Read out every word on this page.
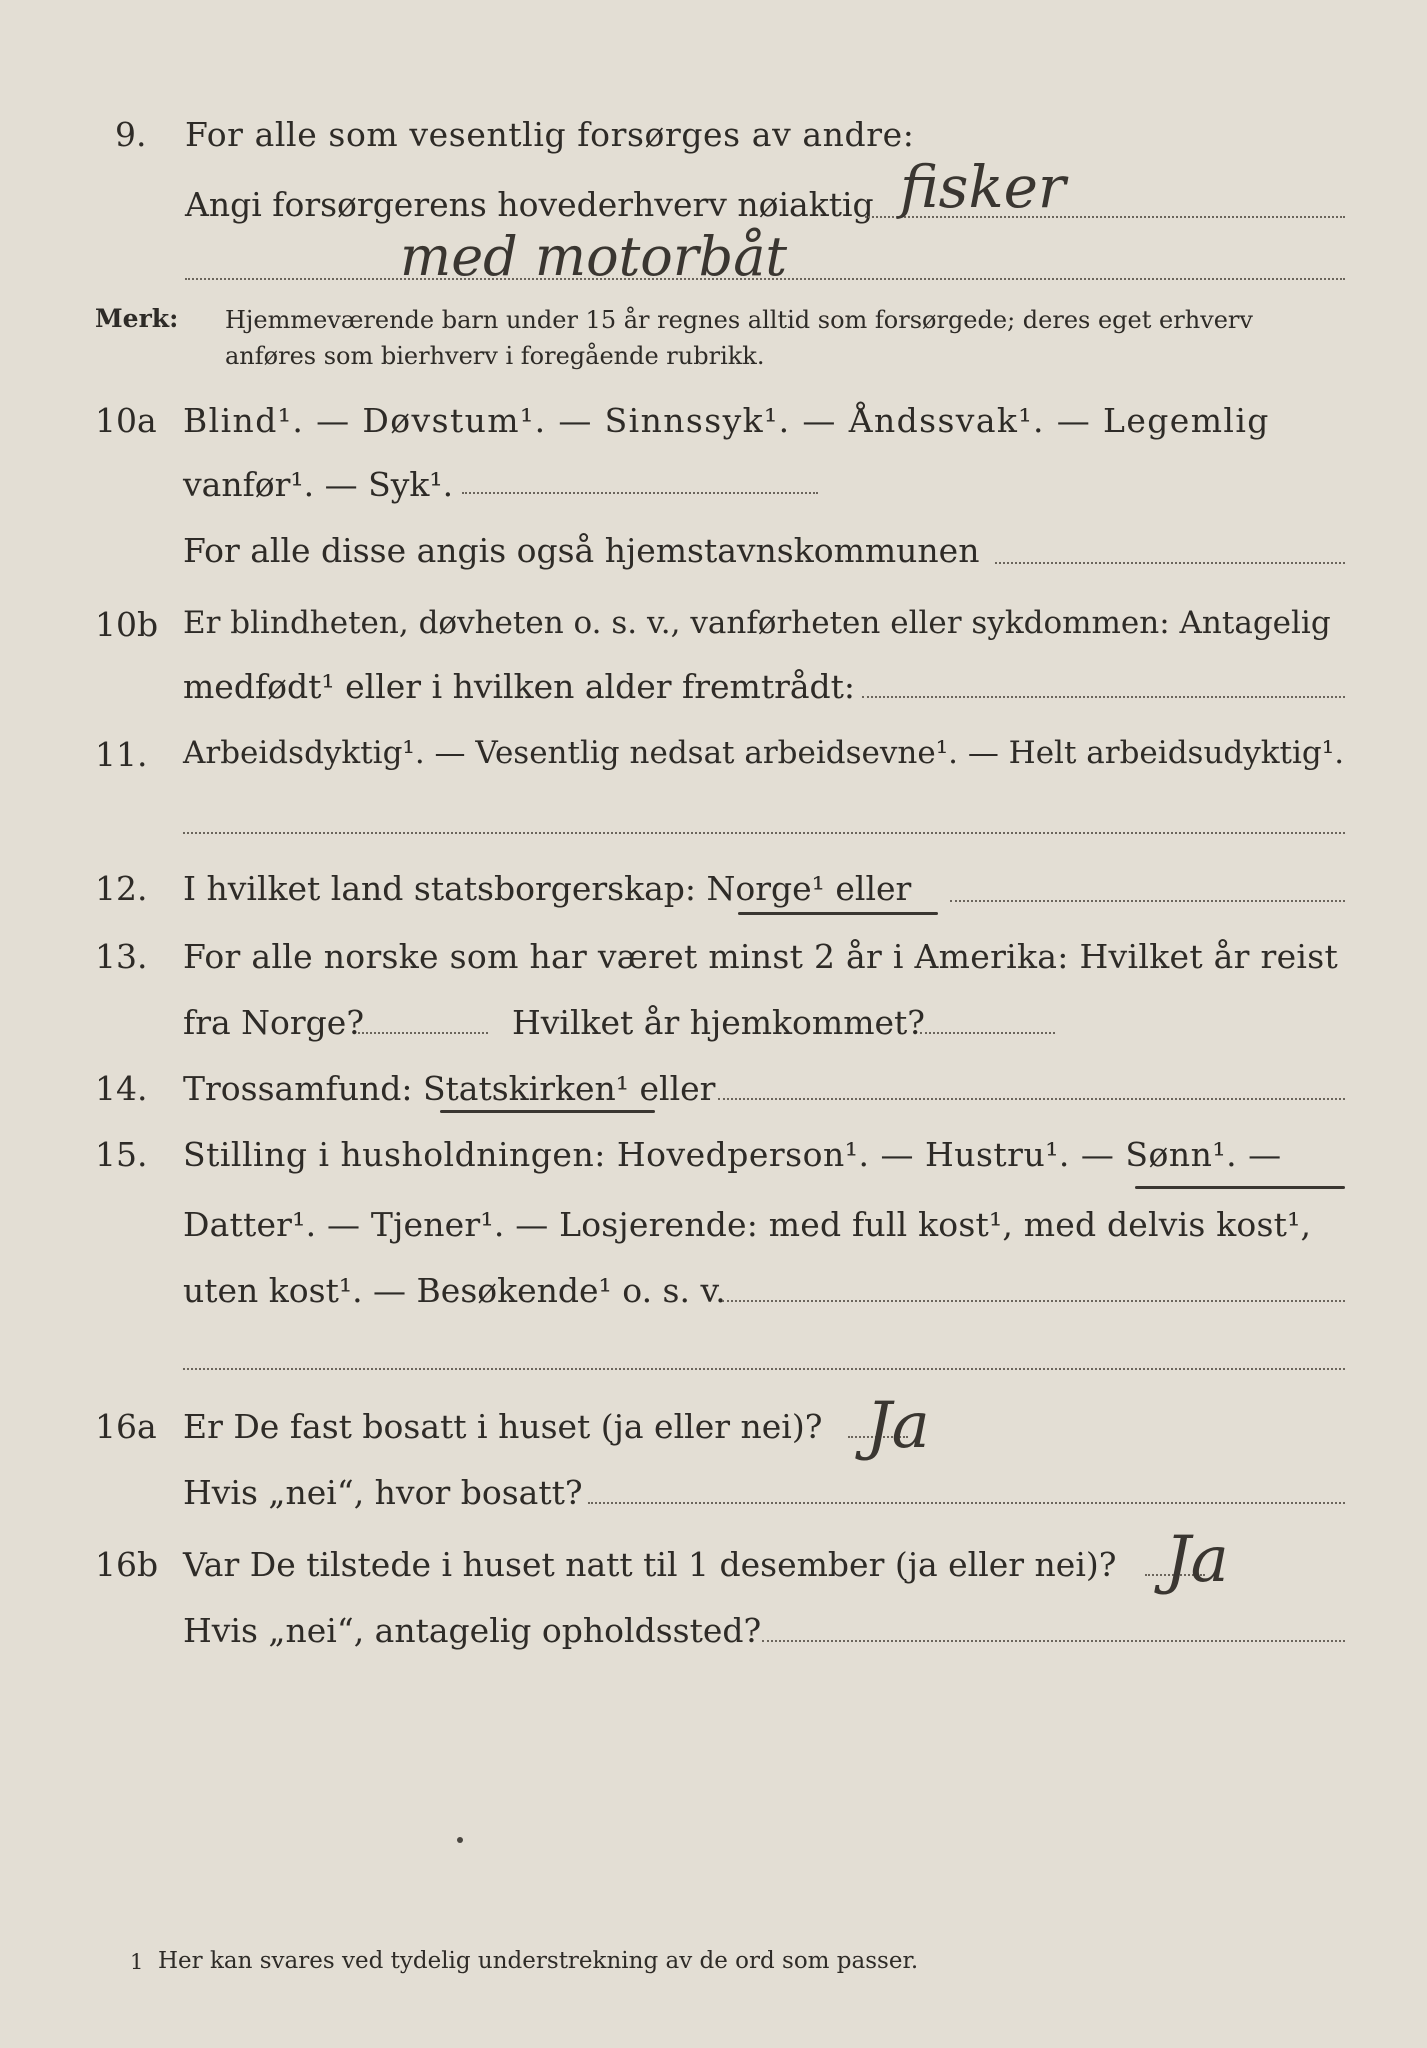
9. For alle som vesentlig forsørges av andre:
Angi forsørgerens hovederhverv nøiaktig fisker
med motorbåt
Merk: Hjemmeværende barn under 15 år regnes alltid som forsørgede; deres eget erhverv
anføres som bierhverv i foregående rubrikk.
10a Blind¹. — Døvstum¹. — Sinnssyk¹. — Åndssvak¹. — Legemlig
vanfør¹. — Syk¹.
For alle disse angis også hjemstavnskommunen
10b Er blindheten, døvheten o. s. v., vanførheten eller sykdommen: Antagelig
medfødt¹ eller i hvilken alder fremtrådt:
11. Arbeidsdyktig¹. — Vesentlig nedsat arbeidsevne¹. — Helt arbeidsudyktig¹.
12. I hvilket land statsborgerskap: Norge¹ eller
13. For alle norske som har været minst 2 år i Amerika: Hvilket år reist
fra Norge?	Hvilket år hjemkommet?
14. Trossamfund: Statskirken¹ eller
15. Stilling i husholdningen: Hovedperson¹. — Hustru¹. — Sønn¹. —
Datter¹. — Tjener¹. — Losjerende: med full kost¹, med delvis kost¹,
uten kost¹. — Besøkende¹ o. s. v.
16a Er De fast bosatt i huset (ja eller nei)? Ja
Hvis „nei“, hvor bosatt?
16b Var De tilstede i huset natt til 1 desember (ja eller nei)? Ja
Hvis „nei“, antagelig opholdssted?
1 Her kan svares ved tydelig understrekning av de ord som passer.
